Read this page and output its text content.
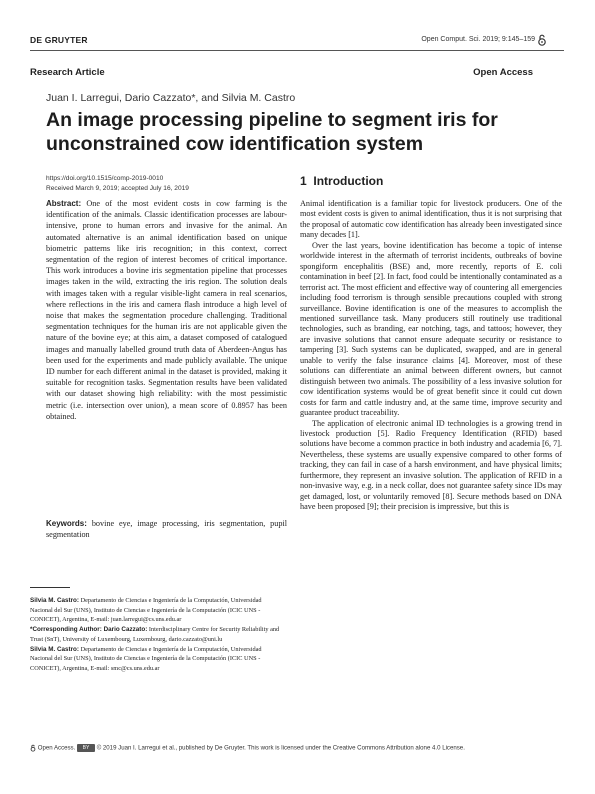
DE GRUYTER	Open Comput. Sci. 2019; 9:145–159
Research Article	Open Access
Juan I. Larregui, Dario Cazzato*, and Silvia M. Castro
An image processing pipeline to segment iris for unconstrained cow identification system
https://doi.org/10.1515/comp-2019-0010
Received March 9, 2019; accepted July 16, 2019
Abstract: One of the most evident costs in cow farming is the identification of the animals. Classic identification processes are labour-intensive, prone to human errors and invasive for the animal. An automated alternative is an animal identification based on unique biometric patterns like iris recognition; in this context, correct segmentation of the region of interest becomes of critical importance. This work introduces a bovine iris segmentation pipeline that processes images taken in the wild, extracting the iris region. The solution deals with images taken with a regular visible-light camera in real scenarios, where reflections in the iris and camera flash introduce a high level of noise that makes the segmentation procedure challenging. Traditional segmentation techniques for the human iris are not applicable given the nature of the bovine eye; at this aim, a dataset composed of catalogued images and manually labelled ground truth data of Aberdeen-Angus has been used for the experiments and made publicly available. The unique ID number for each different animal in the dataset is provided, making it suitable for recognition tasks. Segmentation results have been validated with our dataset showing high reliability: with the most pessimistic metric (i.e. intersection over union), a mean score of 0.8957 has been obtained.
Keywords: bovine eye, image processing, iris segmentation, pupil segmentation
1 Introduction

Animal identification is a familiar topic for livestock producers. One of the most evident costs is given to animal identification, thus it is not surprising that the proposal of automatic cow identification has already been investigated since many decades [1].

Over the last years, bovine identification has become a topic of intense worldwide interest in the aftermath of terrorist incidents, outbreaks of bovine spongiform encephalitis (BSE) and, more recently, reports of E. coli contamination in beef [2]. In fact, food could be intentionally contaminated as a terrorist act. The most efficient and effective way of countering all emergencies including food terrorism is through sensible precautions coupled with strong surveillance. Bovine identification is one of the measures to accomplish the mentioned surveillance task. Many producers still routinely use traditional technologies, such as branding, ear notching, tags, and tattoos; however, they are invasive solutions that cannot ensure adequate security or resistance to tampering [3]. Such systems can be duplicated, swapped, and are in general unable to verify the false insurance claims [4]. Moreover, most of these solutions can differentiate an animal between different owners, but cannot distinguish between two animals. The possibility of a less invasive solution for cow identification systems would be of great benefit since it could cut down costs for farm and cattle industry and, at the same time, improve security and guarantee product traceability.

The application of electronic animal ID technologies is a growing trend in livestock production [5]. Radio Frequency Identification (RFID) based solutions have become a common practice in both industry and academia [6, 7]. Nevertheless, these systems are usually expensive compared to other forms of tracking, they can fail in case of a harsh environment, and have physical limits; furthermore, they represent an invasive solution. The application of RFID in a non-invasive way, e.g. in a neck collar, does not guarantee safety since IDs may get damaged, lost, or voluntarily removed [8]. Secure methods based on DNA have been proposed [9]; their precision is impressive, but this is

Silvia M. Castro: Departamento de Ciencias e Ingeniería de la Computación, Universidad Nacional del Sur (UNS), Instituto de Ciencias e Ingeniería de la Computación (ICIC UNS - CONICET), Argentina, E-mail: juan.larregui@cs.uns.edu.ar

*Corresponding Author: Dario Cazzato: Interdisciplinary Centre for Security Reliability and Trust (SnT), University of Luxembourg, Luxembourg, dario.cazzato@uni.lu

Silvia M. Castro: Departamento de Ciencias e Ingeniería de la Computación, Universidad Nacional del Sur (UNS), Instituto de Ciencias e Ingeniería de la Computación (ICIC UNS - CONICET), Argentina, E-mail: smc@cs.uns.edu.ar

Open Access. BY © 2019 Juan I. Larregui et al., published by De Gruyter. This work is licensed under the Creative Commons Attribution alone 4.0 License.
